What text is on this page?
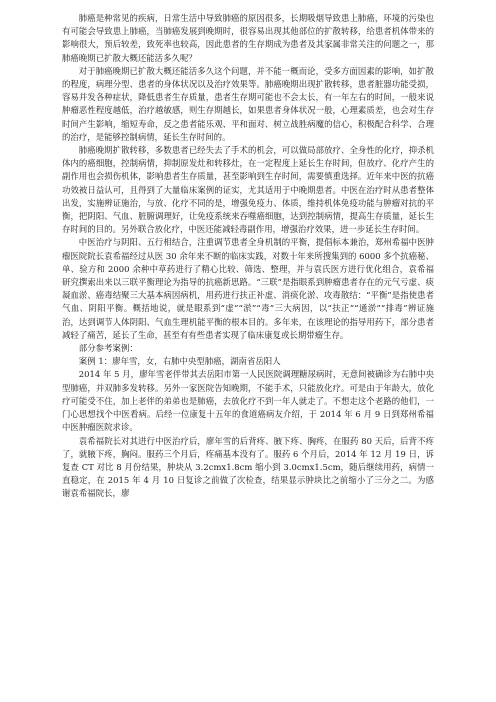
肺癌是种常见的疾病，日常生活中导致肺癌的原因很多，长期吸烟导致患上肺癌，环境的污染也有可能会导致患上肺癌，当肺癌发展到晚期时，很容易出现其他部位的扩散转移，给患者机体带来的影响很大，预后较差，致死率也较高，因此患者的生存期成为患者及其家属非常关注的问题之一，那肺癌晚期已扩散大概还能活多久呢？

对于肺癌晚期已扩散大概还能活多久这个问题，并不能一概而论，受多方面因素的影响，如扩散的程度，病理分型、患者的身体状况以及治疗效果等。肺癌晚期出现扩散转移，患者脏器功能受损，容易并发各种症状，降低患者生存质量，患者生存期可能也不会太长，有一年左右的时间，一般来说肿瘤恶性程度越低，治疗越敏感，则生存期越长，如果患者身体状况一般，心理素质差，也会对生存时间产生影响，缩短寿命，反之患者能乐观、平和面对、树立战胜病魔的信心，积极配合科学、合理的治疗，是能够控制病情，延长生存时间的。

肺癌晚期扩散转移，多数患者已经失去了手术的机会，可以做局部放疗、全身性的化疗，抑杀机体内的癌细胞，控制病情，抑制原发灶和转移灶，在一定程度上延长生存时间，但放疗、化疗产生的副作用也会损伤机体，影响患者生存质量，甚至影响到生存时间，需要慎重选择。近年来中医的抗癌功效被日益认可，且得到了大量临床案例的证实，尤其适用于中晚期患者。中医在治疗时从患者整体出发，实施辨证施治，与放、化疗不同的是，增强免疫力、体质，维持机体免疫功能与肿瘤对抗的平衡，把阴阳、气血、脏腑调理好，让免疫系统来吞噬癌细胞，达到控制病情，提高生存质量，延长生存时间的目的。另外联合放化疗，中医还能减轻毒副作用，增强治疗效果，进一步延长生存时间。

中医治疗与阴阳、五行相结合，注重调节患者全身机制的平衡，提倡标本兼治，郑州希福中医肿瘤医院院长袁希福经过从医 30 余年来不断的临床实践，对数十年来所搜集到的 6000 多个抗癌秘、单、验方和 2000 余种中草药进行了精心比较、筛选、整理，并与袁氏医方进行优化组合，袁希福研究撰索出来以三联平衡理论为指导的抗癌新思路。“三联”是指眼系到肿瘤患者存在的元气亏虚、痰凝血淤、癌毒结聚三大基本病因病机，用药进行扶正补虚、消痰化淤、攻毒散结：“平衡”是指使患者气血、阴阳平衡。概括地说，就是眼系到“虚”“淤”“毒”三大病因，以“扶正”“通淤”“排毒”辨证施治，达到调节人体阴阳、气血生理机能平衡的根本目的。多年来，在该理论的指导用药下，部分患者减轻了痛苦，延长了生命，甚至有有些患者实现了临床康复或长期带瘤生存。

部分参考案例：

案例 1：廖年雪，女，右肺中央型肺癌，湖南省岳阳人

2014 年 5 月，廖年雪老伴带其去岳阳市第一人民医院调理糖尿病时，无意间被确诊为右肺中央型肺癌，并双肺多发转移。另外一家医院告知晚期，不能手术，只能放化疗。可是由于年龄大，放化疗可能受不住，加上老伴的弟弟也是肺癌，去放化疗不到一年人就走了。不想走这个老路的他们，一门心思想找个中医看病。后经一位康复十五年的食道癌病友介绍，于 2014 年 6 月 9 日到郑州希福中医肿瘤医院求诊。

袁希福院长对其进行中医治疗后，廖年雪的后背疼、腋下疼、胸疼，在服药 80 天后，后背不疼了，就腋下疼，胸闷。服药三个月后，疼痛基本没有了。服药 6 个月后，2014 年 12 月 19 日，诉复查 CT 对比 8 月份结果，肿块从 3.2cmx1.8cm 缩小到 3.0cmx1.5cm，随后继续用药，病情一直稳定，在 2015 年 4 月 10 日复诊之前做了次检查，结果显示肿块比之前缩小了三分之二。为感谢袁希福院长，廖
